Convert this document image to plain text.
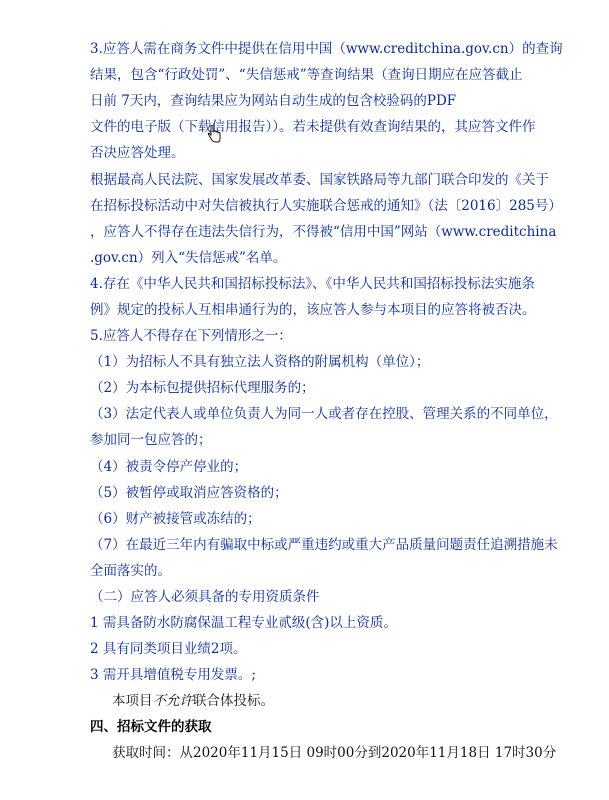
3.应答人需在商务文件中提供在信用中国（www.creditchina.gov.cn）的查询
结果，包含“行政处罚”、“失信惩戒”等查询结果（查询日期应在应答截止
日前 7天内，查询结果应为网站自动生成的包含校验码的PDF
文件的电子版（下载信用报告））。若未提供有效查询结果的，其应答文件作
否决应答处理。
根据最高人民法院、国家发展改革委、国家铁路局等九部门联合印发的《关于
在招标投标活动中对失信被执行人实施联合惩戒的通知》（法〔2016〕285号）
，应答人不得存在违法失信行为，不得被“信用中国”网站（www.creditchina
.gov.cn）列入“失信惩戒”名单。
4.存在《中华人民共和国招标投标法》、《中华人民共和国招标投标法实施条
例》规定的投标人互相串通行为的，该应答人参与本项目的应答将被否决。
5.应答人不得存在下列情形之一：
（1）为招标人不具有独立法人资格的附属机构（单位）；
（2）为本标包提供招标代理服务的；
（3）法定代表人或单位负责人为同一人或者存在控股、管理关系的不同单位，
参加同一包应答的；
（4）被责令停产停业的；
（5）被暂停或取消应答资格的；
（6）财产被接管或冻结的；
（7）在最近三年内有骗取中标或严重违约或重大产品质量问题责任追溯措施未
全面落实的。
（二）应答人必须具备的专用资质条件
1 需具备防水防腐保温工程专业贰级(含)以上资质。
2 具有同类项目业绩2项。
3 需开具增值税专用发票。;
本项目不允许联合体投标。
四、招标文件的获取
获取时间：从2020年11月15日 09时00分到2020年11月18日 17时30分
